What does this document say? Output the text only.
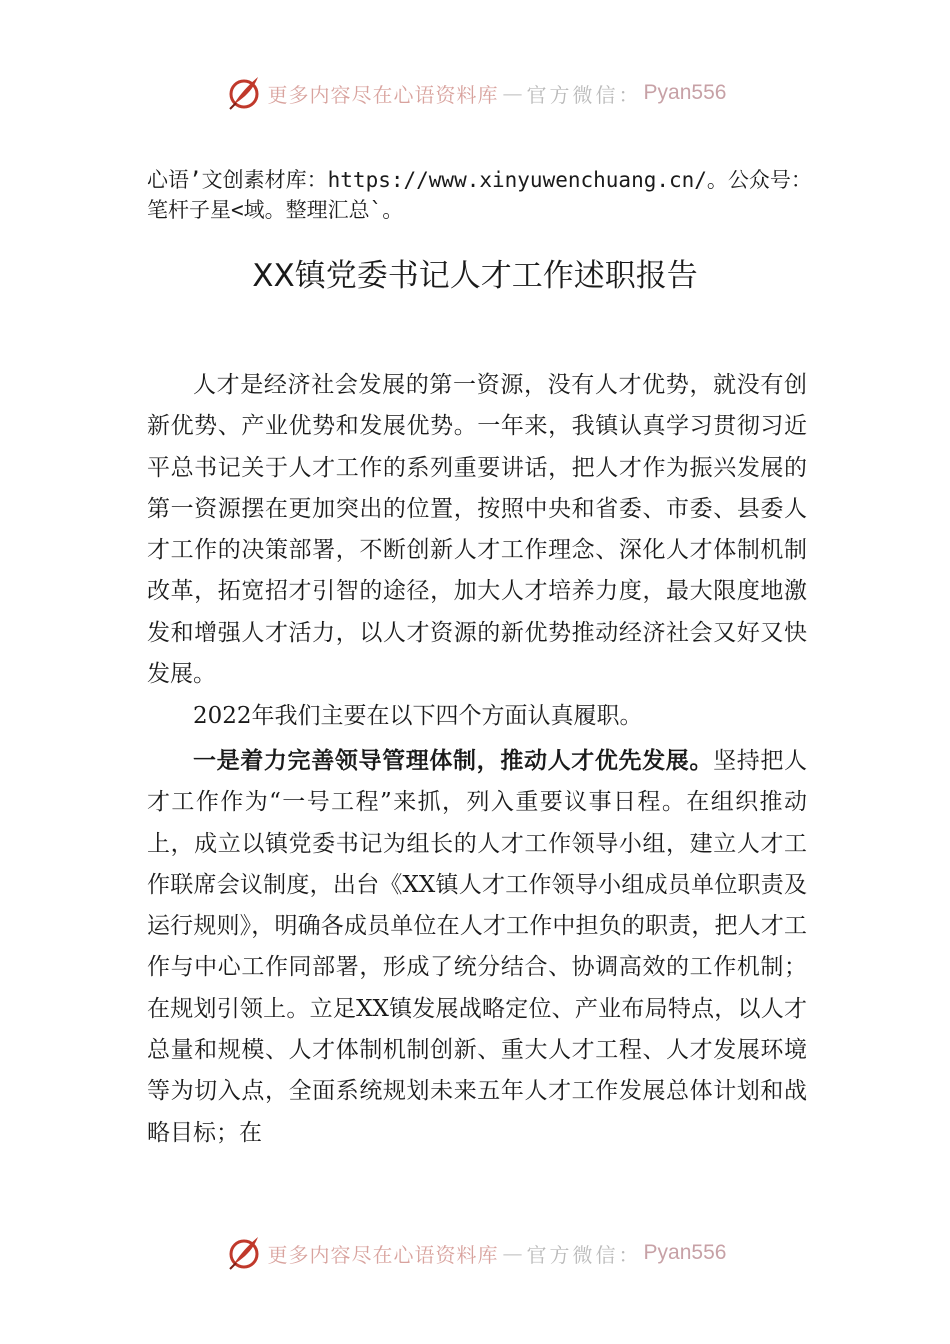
更多内容尽在心语资料库 — 官方微信： Pyan556
心语’文创素材库：https://www.xinyuwenchuang.cn/。公众号：笔杆子星<域。整理汇总`。
XX镇党委书记人才工作述职报告

人才是经济社会发展的第一资源，没有人才优势，就没有创新优势、产业优势和发展优势。一年来，我镇认真学习贯彻习近平总书记关于人才工作的系列重要讲话，把人才作为振兴发展的第一资源摆在更加突出的位置，按照中央和省委、市委、县委人才工作的决策部署，不断创新人才工作理念、深化人才体制机制改革，拓宽招才引智的途径，加大人才培养力度，最大限度地激发和增强人才活力，以人才资源的新优势推动经济社会又好又快发展。

2022年我们主要在以下四个方面认真履职。

一是着力完善领导管理体制，推动人才优先发展。坚持把人才工作作为“一号工程”来抓，列入重要议事日程。在组织推动上，成立以镇党委书记为组长的人才工作领导小组，建立人才工作联席会议制度，出台《XX镇人才工作领导小组成员单位职责及运行规则》，明确各成员单位在人才工作中担负的职责，把人才工作与中心工作同部署，形成了统分结合、协调高效的工作机制；在规划引领上。立足XX镇发展战略定位、产业布局特点，以人才总量和规模、人才体制机制创新、重大人才工程、人才发展环境等为切入点，全面系统规划未来五年人才工作发展总体计划和战略目标；在

更多内容尽在心语资料库 — 官方微信： Pyan556
